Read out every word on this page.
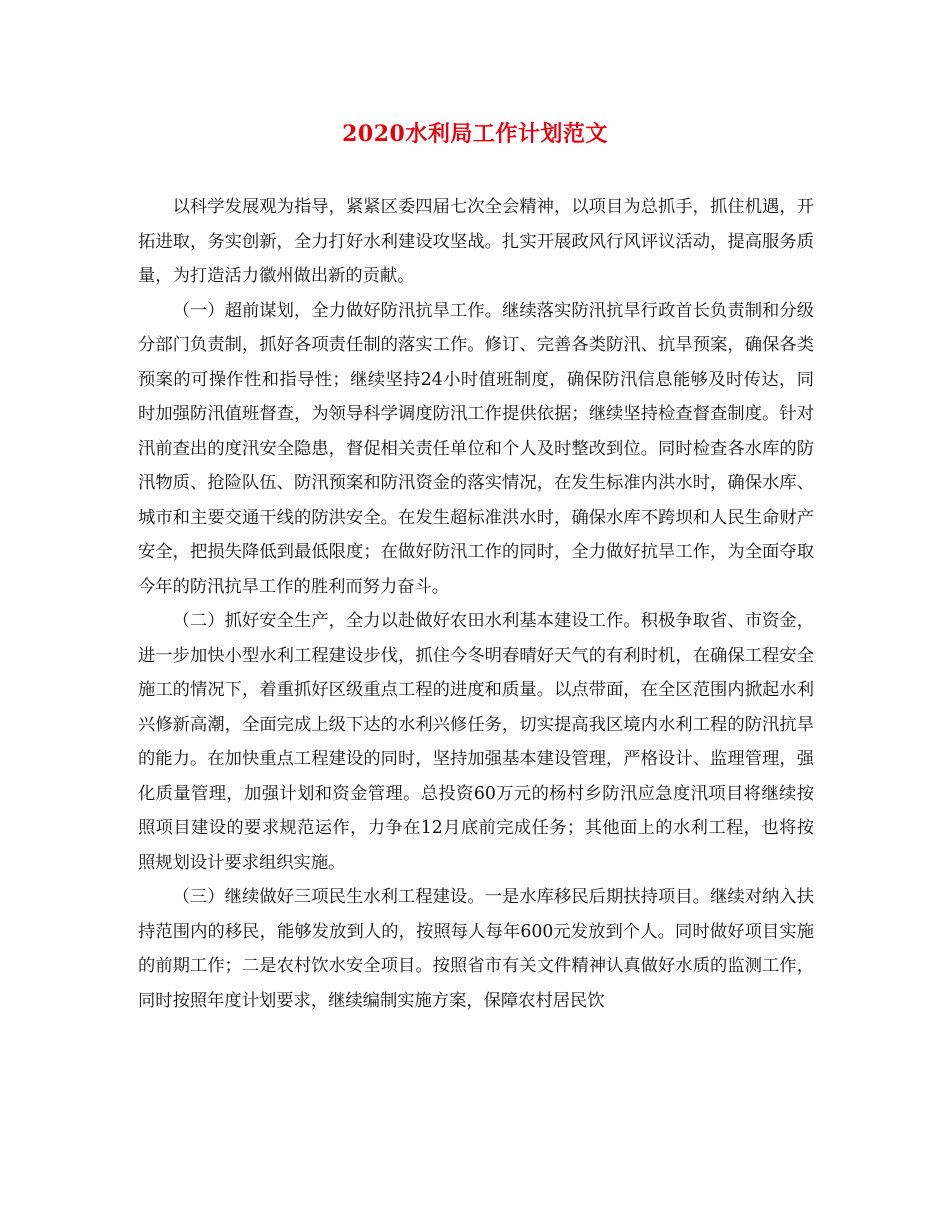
2020水利局工作计划范文

以科学发展观为指导，紧紧区委四届七次全会精神，以项目为总抓手，抓住机遇，开拓进取，务实创新，全力打好水利建设攻坚战。扎实开展政风行风评议活动，提高服务质量，为打造活力徽州做出新的贡献。

（一）超前谋划，全力做好防汛抗旱工作。继续落实防汛抗旱行政首长负责制和分级分部门负责制，抓好各项责任制的落实工作。修订、完善各类防汛、抗旱预案，确保各类预案的可操作性和指导性；继续坚持24小时值班制度，确保防汛信息能够及时传达，同时加强防汛值班督查，为领导科学调度防汛工作提供依据；继续坚持检查督查制度。针对汛前查出的度汛安全隐患，督促相关责任单位和个人及时整改到位。同时检查各水库的防汛物质、抢险队伍、防汛预案和防汛资金的落实情况，在发生标准内洪水时，确保水库、城市和主要交通干线的防洪安全。在发生超标准洪水时，确保水库不跨坝和人民生命财产安全，把损失降低到最低限度；在做好防汛工作的同时，全力做好抗旱工作，为全面夺取今年的防汛抗旱工作的胜利而努力奋斗。

（二）抓好安全生产，全力以赴做好农田水利基本建设工作。积极争取省、市资金，进一步加快小型水利工程建设步伐，抓住今冬明春晴好天气的有利时机，在确保工程安全施工的情况下，着重抓好区级重点工程的进度和质量。以点带面，在全区范围内掀起水利兴修新高潮，全面完成上级下达的水利兴修任务，切实提高我区境内水利工程的防汛抗旱的能力。在加快重点工程建设的同时，坚持加强基本建设管理，严格设计、监理管理，强化质量管理，加强计划和资金管理。总投资60万元的杨村乡防汛应急度汛项目将继续按照项目建设的要求规范运作，力争在12月底前完成任务；其他面上的水利工程，也将按照规划设计要求组织实施。

（三）继续做好三项民生水利工程建设。一是水库移民后期扶持项目。继续对纳入扶持范围内的移民，能够发放到人的，按照每人每年600元发放到个人。同时做好项目实施的前期工作；二是农村饮水安全项目。按照省市有关文件精神认真做好水质的监测工作，同时按照年度计划要求，继续编制实施方案，保障农村居民饮
